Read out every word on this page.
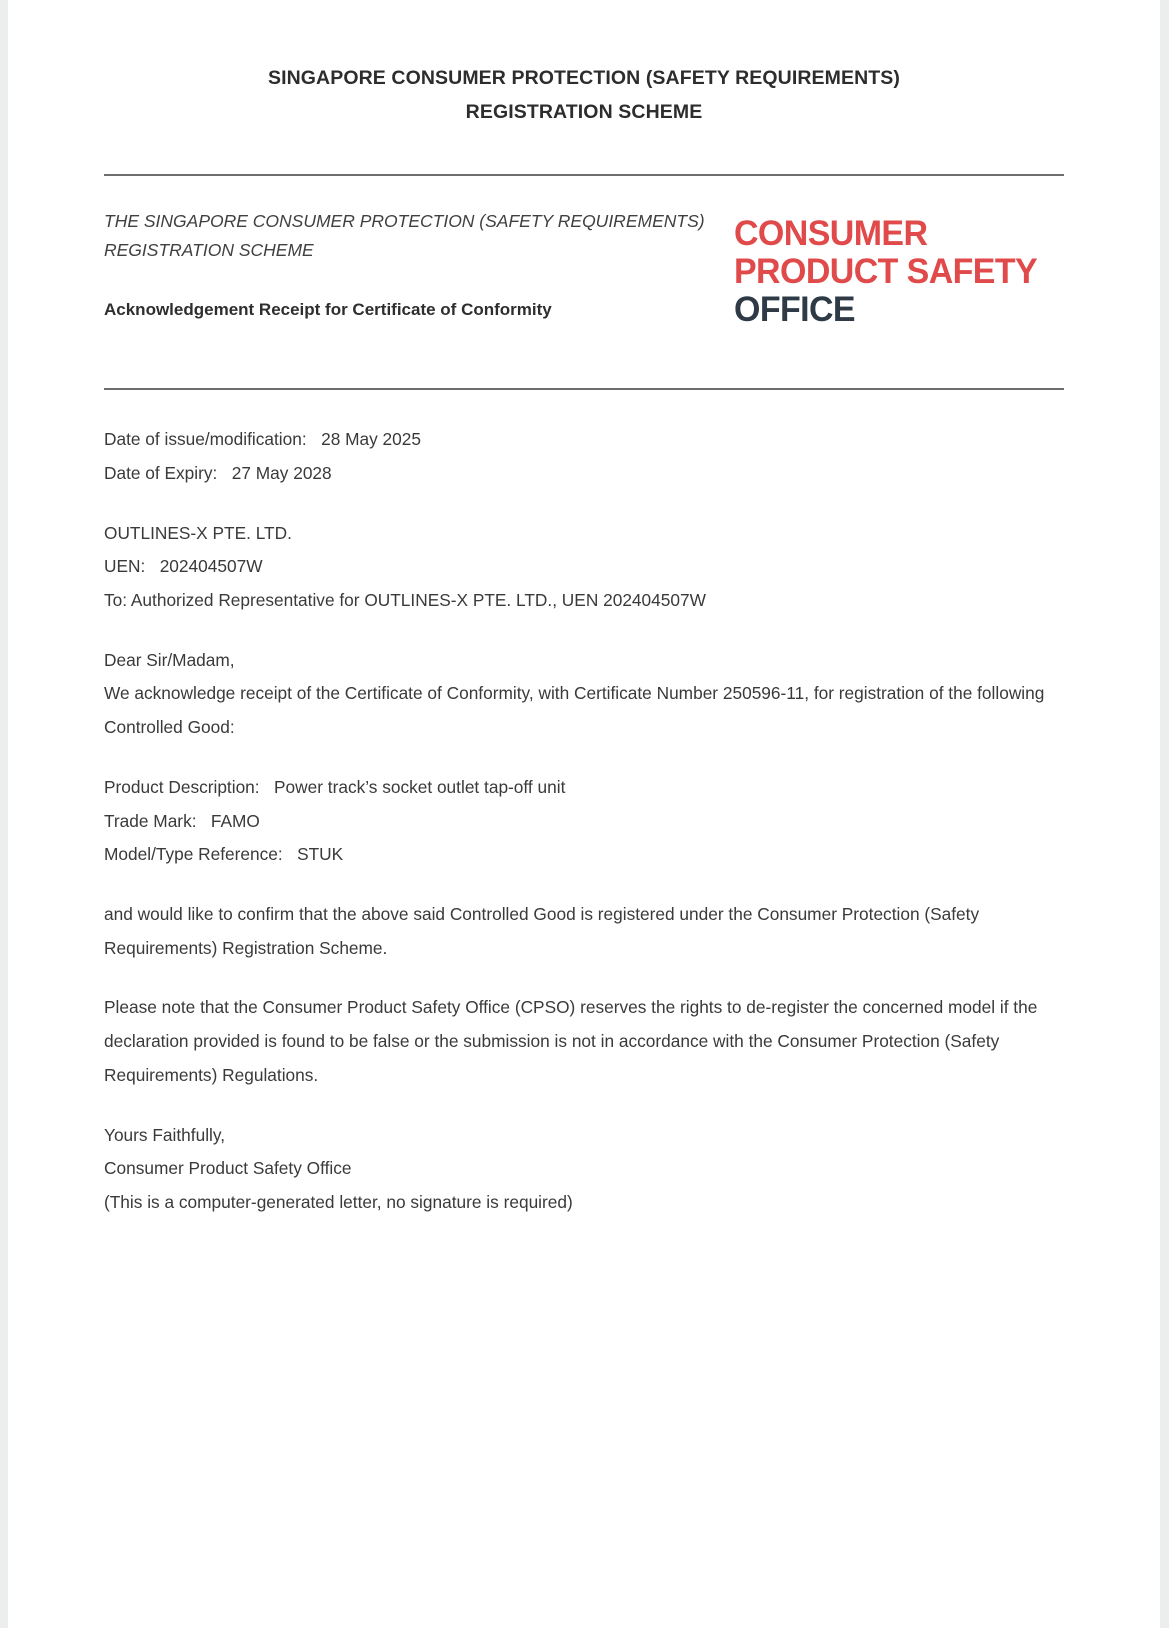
SINGAPORE CONSUMER PROTECTION (SAFETY REQUIREMENTS)
REGISTRATION SCHEME
THE SINGAPORE CONSUMER PROTECTION (SAFETY REQUIREMENTS)
REGISTRATION SCHEME
Acknowledgement Receipt for Certificate of Conformity
CONSUMER
PRODUCT SAFETY
OFFICE
Date of issue/modification:   28 May 2025
Date of Expiry:   27 May 2028
OUTLINES-X PTE. LTD.
UEN:   202404507W
To: Authorized Representative for OUTLINES-X PTE. LTD., UEN 202404507W
Dear Sir/Madam,

We acknowledge receipt of the Certificate of Conformity, with Certificate Number 250596-11, for registration of the following Controlled Good:

Product Description:   Power track’s socket outlet tap-off unit
Trade Mark:   FAMO
Model/Type Reference:   STUK

and would like to confirm that the above said Controlled Good is registered under the Consumer Protection (Safety Requirements) Registration Scheme.

Please note that the Consumer Product Safety Office (CPSO) reserves the rights to de-register the concerned model if the declaration provided is found to be false or the submission is not in accordance with the Consumer Protection (Safety Requirements) Regulations.

Yours Faithfully,
Consumer Product Safety Office
(This is a computer-generated letter, no signature is required)
